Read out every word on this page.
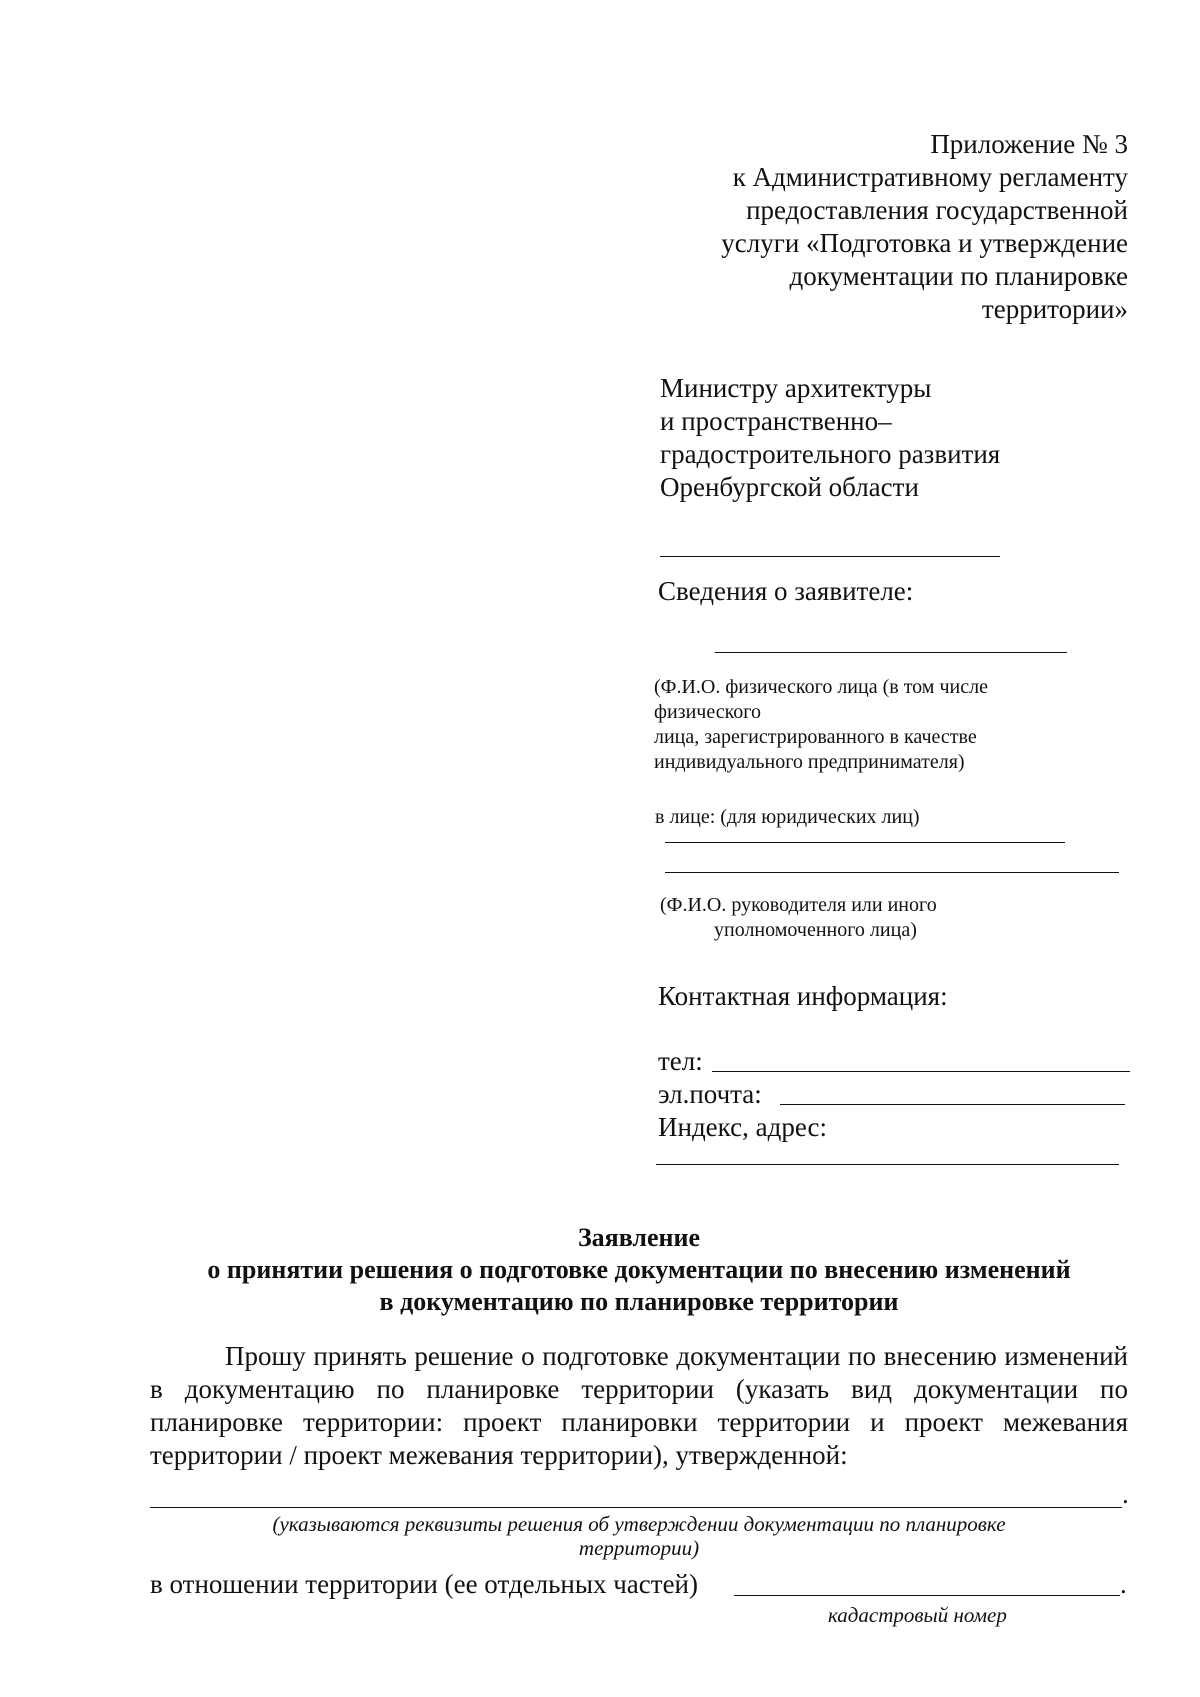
Приложение № 3
к Административному регламенту
предоставления государственной
услуги «Подготовка и утверждение
документации по планировке
территории»
Министру архитектуры
и пространственно–
градостроительного развития
Оренбургской области
Сведения о заявителе:
(Ф.И.О. физического лица (в том числе
физического
лица, зарегистрированного в качестве
индивидуального предпринимателя)
в лице: (для юридических лиц)
(Ф.И.О. руководителя или иного
уполномоченного лица)
Контактная информация:
тел:
эл.почта:
Индекс, адрес:
Заявление
о принятии решения о подготовке документации по внесению изменений
в документацию по планировке территории

Прошу принять решение о подготовке документации по внесению изменений в документацию по планировке территории (указать вид документации по планировке территории: проект планировки территории и проект межевания территории / проект межевания территории), утвержденной:

.
(указываются реквизиты решения об утверждении документации по планировке
территории)
в отношении территории (ее отдельных частей)	.
кадастровый номер
